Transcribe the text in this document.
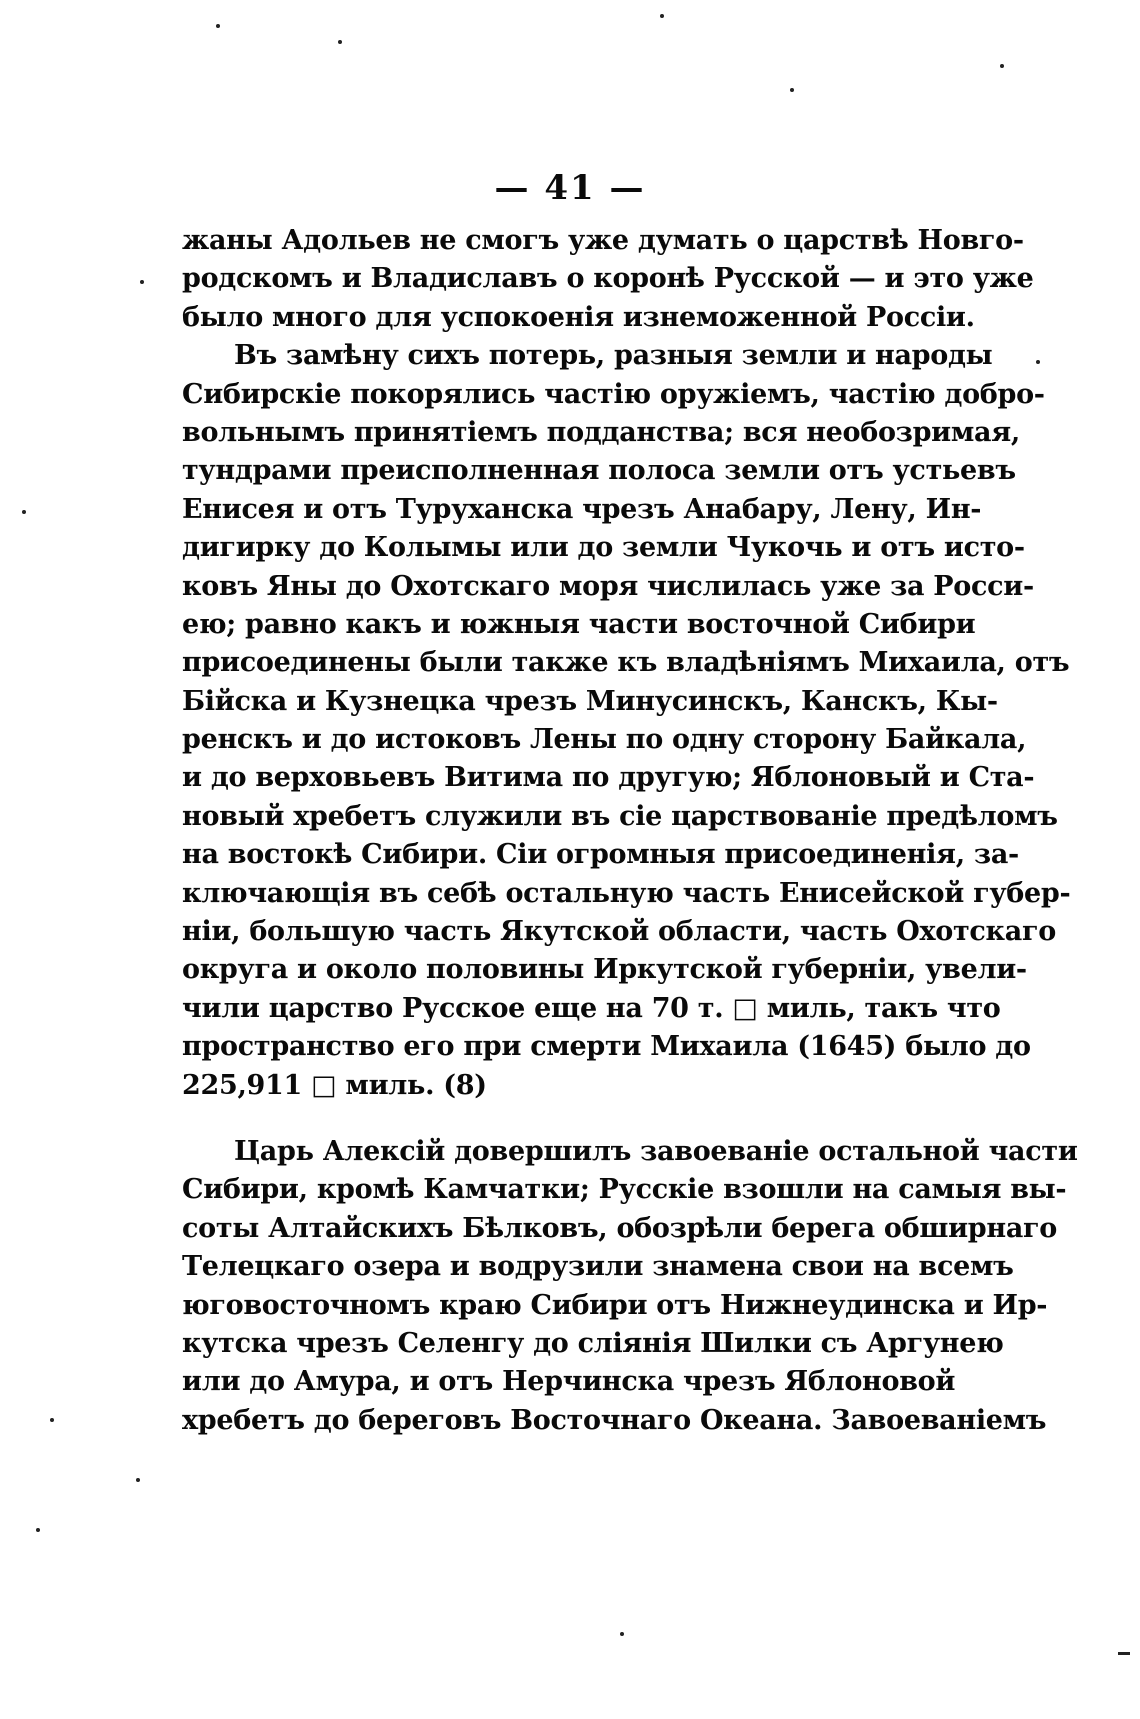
— 41 —
жаны Адольев не смогъ уже думать о царствѣ Новго-
родскомъ и Владиславъ о коронѣ Русской — и это уже
было много для успокоенія изнеможенной Россіи.
Въ замѣну сихъ потерь, разныя земли и народы
Сибирскіе покорялись частію оружіемъ, частію добро-
вольнымъ принятіемъ подданства; вся необозримая,
тундрами преисполненная полоса земли отъ устьевъ
Енисея и отъ Туруханска чрезъ Анабару, Лену, Ин-
дигирку до Колымы или до земли Чукочь и отъ исто-
ковъ Яны до Охотскаго моря числилась уже за Росси-
ею; равно какъ и южныя части восточной Сибири
присоединены были также къ владѣніямъ Михаила, отъ
Бійска и Кузнецка чрезъ Минусинскъ, Канскъ, Кы-
ренскъ и до истоковъ Лены по одну сторону Байкала,
и до верховьевъ Витима по другую; Яблоновый и Ста-
новый хребетъ служили въ сіе царствованіе предѣломъ
на востокѣ Сибири. Сіи огромныя присоединенія, за-
ключающія въ себѣ остальную часть Енисейской губер-
ніи, большую часть Якутской области, часть Охотскаго
округа и около половины Иркутской губерніи, увели-
чили царство Русское еще на 70 т. □ миль, такъ что
пространство его при смерти Михаила (1645) было до
225,911 □ миль. (8)
Царь Алексій довершилъ завоеваніе остальной части
Сибири, кромѣ Камчатки; Русскіе взошли на самыя вы-
соты Алтайскихъ Бѣлковъ, обозрѣли берега обширнаго
Телецкаго озера и водрузили знамена свои на всемъ
юговосточномъ краю Сибири отъ Нижнеудинска и Ир-
кутска чрезъ Селенгу до слiянія Шилки съ Аргунею
или до Амура, и отъ Нерчинска чрезъ Яблоновой
хребетъ до береговъ Восточнаго Океана. Завоеваніемъ
